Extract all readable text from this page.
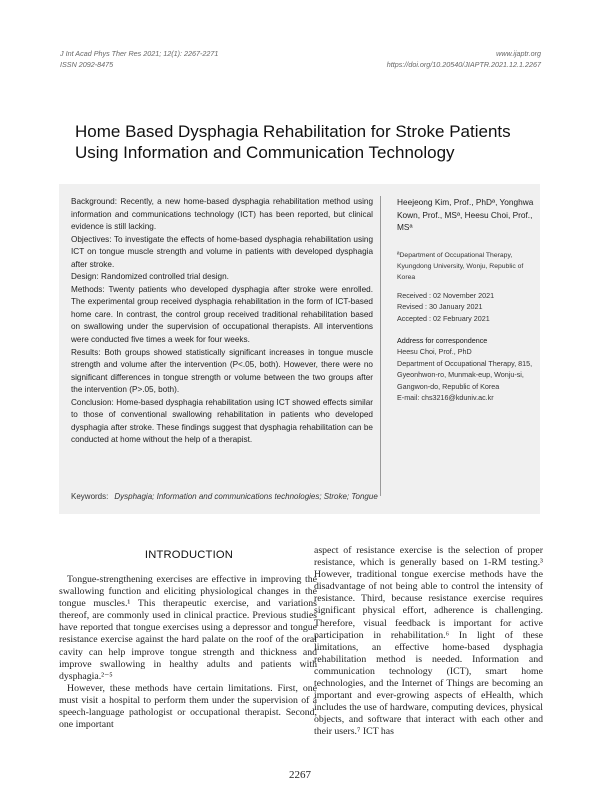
J Int Acad Phys Ther Res 2021; 12(1): 2267-2271
ISSN 2092-8475
www.ijaptr.org
https://doi.org/10.20540/JIAPTR.2021.12.1.2267
Home Based Dysphagia Rehabilitation for Stroke Patients
Using Information and Communication Technology

Background: Recently, a new home-based dysphagia rehabilitation method using information and communications technology (ICT) has been reported, but clinical evidence is still lacking.

Objectives: To investigate the effects of home-based dysphagia rehabilitation using ICT on tongue muscle strength and volume in patients with developed dysphagia after stroke.

Design: Randomized controlled trial design.

Methods: Twenty patients who developed dysphagia after stroke were enrolled. The experimental group received dysphagia rehabilitation in the form of ICT-based home care. In contrast, the control group received traditional rehabilitation based on swallowing under the supervision of occupational therapists. All interventions were conducted five times a week for four weeks.

Results: Both groups showed statistically significant increases in tongue muscle strength and volume after the intervention (P<.05, both). However, there were no significant differences in tongue strength or volume between the two groups after the intervention (P>.05, both).

Conclusion: Home-based dysphagia rehabilitation using ICT showed effects similar to those of conventional swallowing rehabilitation in patients who developed dysphagia after stroke. These findings suggest that dysphagia rehabilitation can be conducted at home without the help of a therapist.

Keywords: Dysphagia; Information and communications technologies; Stroke; Tongue
Heejeong Kim, Prof., PhDª, Yonghwa Kown, Prof., MSª, Heesu Choi, Prof., MSª
ªDepartment of Occupational Therapy, Kyungdong University, Wonju, Republic of Korea
Received : 02 November 2021
Revised : 30 January 2021
Accepted : 02 February 2021
Address for correspondence
Heesu Choi, Prof., PhD
Department of Occupational Therapy, 815,
Gyeonhwon-ro, Munmak-eup, Wonju-si,
Gangwon-do, Republic of Korea
E-mail: chs3216@kduniv.ac.kr
INTRODUCTION

Tongue-strengthening exercises are effective in improving the swallowing function and eliciting physiological changes in the tongue muscles.¹ This therapeutic exercise, and variations thereof, are commonly used in clinical practice. Previous studies have reported that tongue exercises using a depressor and tongue resistance exercise against the hard palate on the roof of the oral cavity can help improve tongue strength and thickness and improve swallowing in healthy adults and patients with dysphagia.²⁻⁵

However, these methods have certain limitations. First, one must visit a hospital to perform them under the supervision of a speech-language pathologist or occupational therapist. Second, one important

aspect of resistance exercise is the selection of proper resistance, which is generally based on 1-RM testing.³ However, traditional tongue exercise methods have the disadvantage of not being able to control the intensity of resistance. Third, because resistance exercise requires significant physical effort, adherence is challenging. Therefore, visual feedback is important for active participation in rehabilitation.⁶ In light of these limitations, an effective home-based dysphagia rehabilitation method is needed. Information and communication technology (ICT), smart home technologies, and the Internet of Things are becoming an important and ever-growing aspects of eHealth, which includes the use of hardware, computing devices, physical objects, and software that interact with each other and their users.⁷ ICT has

2267
